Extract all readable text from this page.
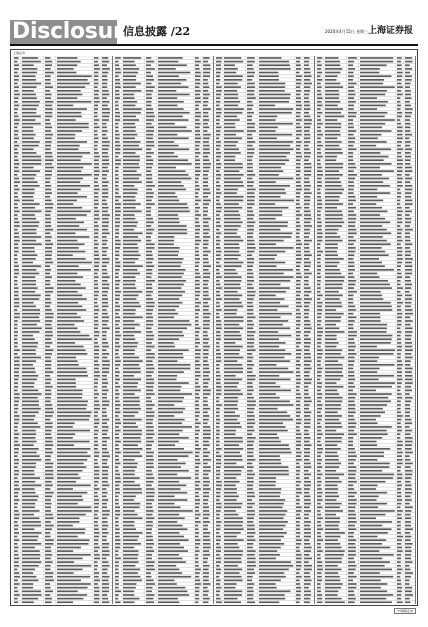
Disclosure
信息披露 /22	2020年4月15日 星期三 上海证券报
上海证券
T7国联证券
